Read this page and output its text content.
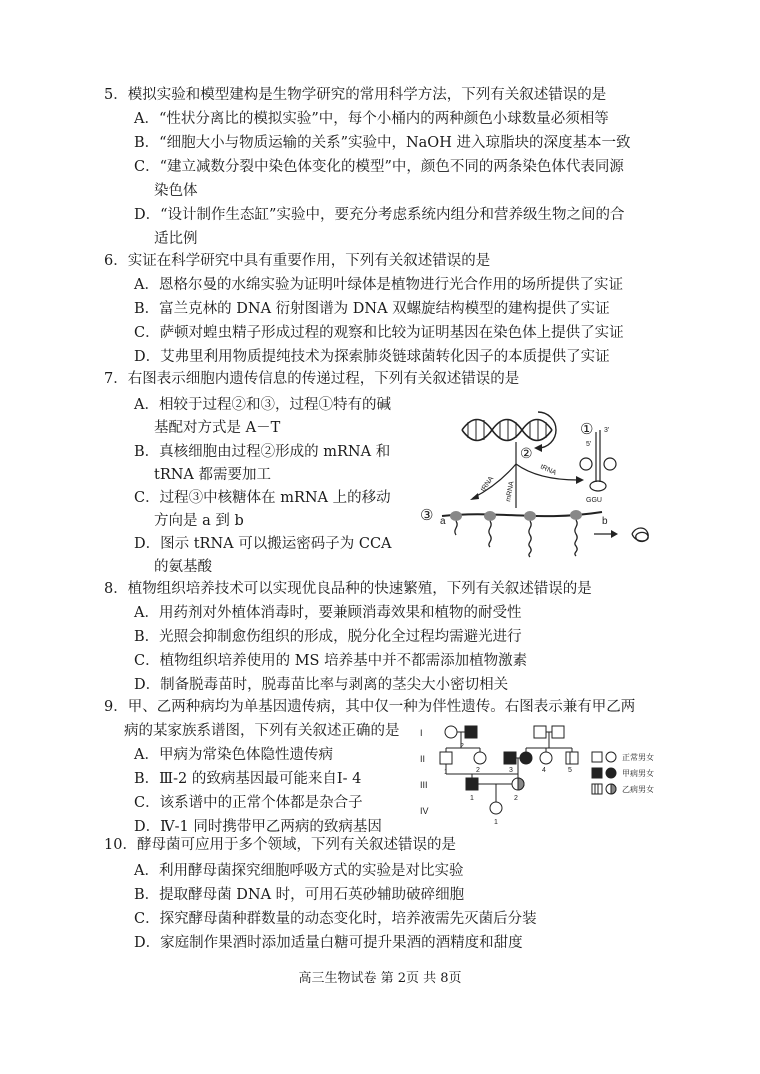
5．模拟实验和模型建构是生物学研究的常用科学方法，下列有关叙述错误 · ·的是
A．“性状分离比的模拟实验”中，每个小桶内的两种颜色小球数量必须相等
B．“细胞大小与物质运输的关系”实验中，NaOH 进入琼脂块的深度基本一致
C．“建立减数分裂中染色体变化的模型”中，颜色不同的两条染色体代表同源
染色体
D．“设计制作生态缸”实验中，要充分考虑系统内组分和营养级生物之间的合
适比例
6．实证在科学研究中具有重要作用，下列有关叙述错误 · ·的是
A．恩格尔曼的水绵实验为证明叶绿体是植物进行光合作用的场所提供了实证
B．富兰克林的 DNA 衍射图谱为 DNA 双螺旋结构模型的建构提供了实证
C．萨顿对蝗虫精子形成过程的观察和比较为证明基因在染色体上提供了实证
D．艾弗里利用物质提纯技术为探索肺炎链球菌转化因子的本质提供了实证
7．右图表示细胞内遗传信息的传递过程，下列有关叙述错误 · ·的是
A．相较于过程②和③，过程①特有的碱
基配对方式是 A－T
B．真核细胞由过程②形成的 mRNA 和
tRNA 都需要加工
C．过程③中核糖体在 mRNA 上的移动
方向是 a 到 b
D．图示 tRNA 可以搬运密码子为 CCA
的氨基酸
①
②
tRNA mRNA
tRNA
5'
3'
GGU
③ a	b
8．植物组织培养技术可以实现优良品种的快速繁殖，下列有关叙述错误 · ·的是
A．用药剂对外植体消毒时，要兼顾消毒效果和植物的耐受性
B．光照会抑制愈伤组织的形成，脱分化全过程均需避光进行
C．植物组织培养使用的 MS 培养基中并不都需添加植物激素
D．制备脱毒苗时，脱毒苗比率与剥离的茎尖大小密切相关
9．甲、乙两种病均为单基因遗传病，其中仅一种为伴性遗传。右图表示兼有甲乙两
病的某家族系谱图，下列有关叙述正确的是
A．甲病为常染色体隐性遗传病
B．Ⅲ-2 的致病基因最可能来自Ⅰ- 4
C．该系谱中的正常个体都是杂合子
D．Ⅳ-1 同时携带甲乙两病的致病基因
I
II
III
IV
2
2
1	3	4	5
1	2
1
正常男女
甲病男女
乙病男女
10．酵母菌可应用于多个领域，下列有关叙述错误 · ·的是
A．利用酵母菌探究细胞呼吸方式的实验是对比实验
B．提取酵母菌 DNA 时，可用石英砂辅助破碎细胞
C．探究酵母菌种群数量的动态变化时，培养液需先灭菌后分装
D．家庭制作果酒时添加适量白糖可提升果酒的酒精度和甜度
高三生物试卷 第 2页 共 8页
